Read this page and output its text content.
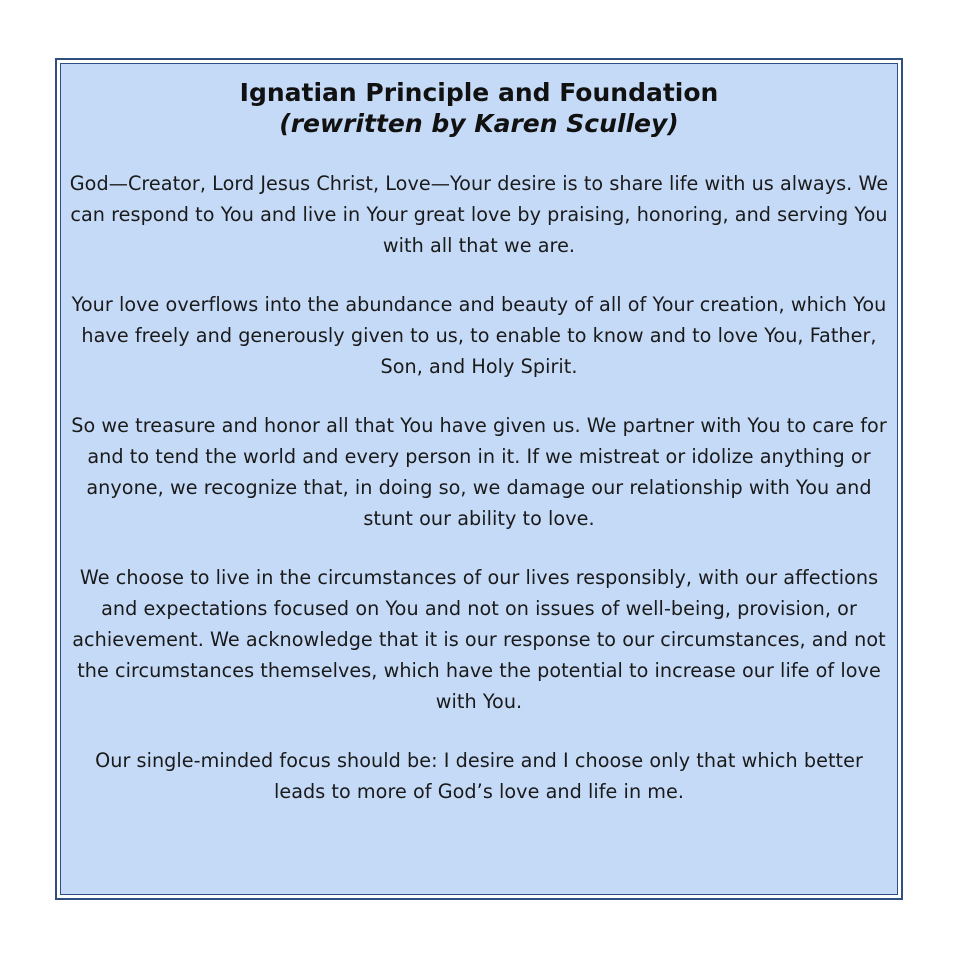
Ignatian Principle and Foundation
(rewritten by Karen Sculley)

God—Creator, Lord Jesus Christ, Love—Your desire is to share life with us always. We can respond to You and live in Your great love by praising, honoring, and serving You with all that we are.

Your love overflows into the abundance and beauty of all of Your creation, which You have freely and generously given to us, to enable to know and to love You, Father, Son, and Holy Spirit.

So we treasure and honor all that You have given us. We partner with You to care for and to tend the world and every person in it. If we mistreat or idolize anything or anyone, we recognize that, in doing so, we damage our relationship with You and stunt our ability to love.

We choose to live in the circumstances of our lives responsibly, with our affections and expectations focused on You and not on issues of well-being, provision, or achievement. We acknowledge that it is our response to our circumstances, and not the circumstances themselves, which have the potential to increase our life of love with You.

Our single-minded focus should be: I desire and I choose only that which better leads to more of God’s love and life in me.
